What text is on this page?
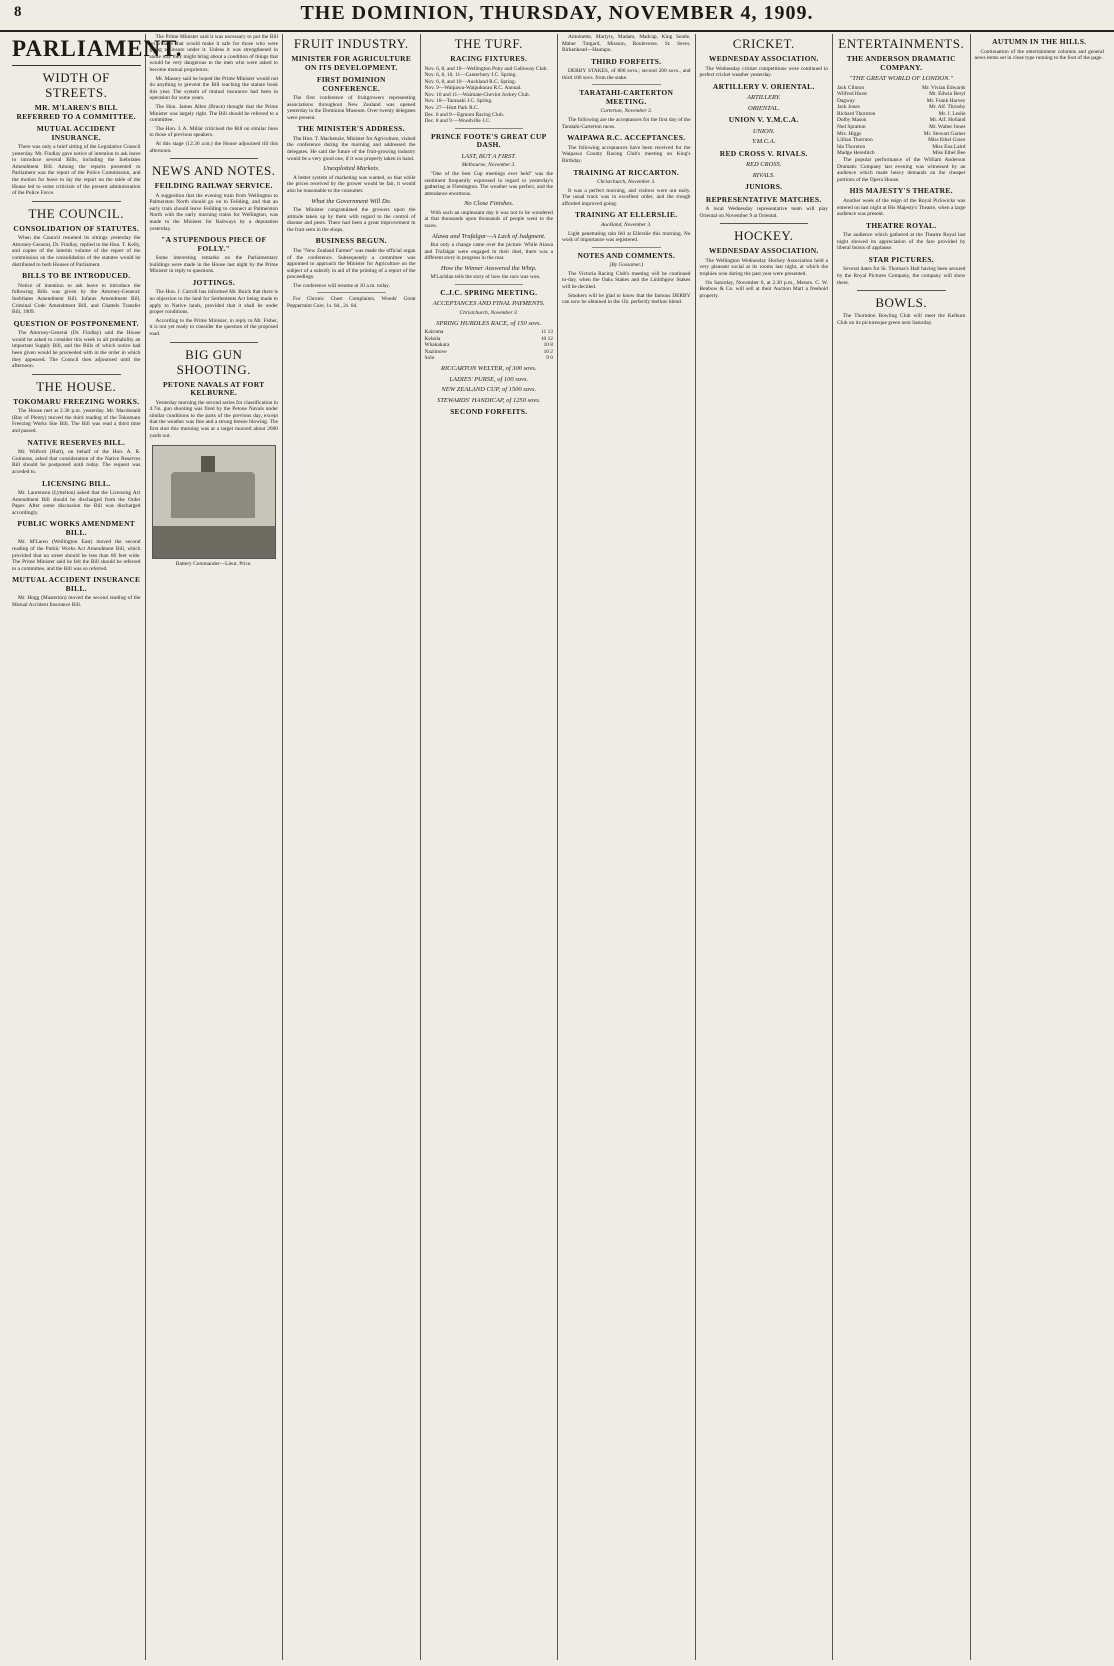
8	THE DOMINION, THURSDAY, NOVEMBER 4, 1909.
PARLIAMENT.
WIDTH OF STREETS.
MR. M'LAREN'S BILL REFERRED TO A COMMITTEE.
MUTUAL ACCIDENT INSURANCE.

There was only a brief sitting of the Legislative Council yesterday. Mr. Findlay gave notice of intention to ask leave to introduce several Bills, including the Inebriates Amendment Bill. Among the reports presented to Parliament was the report of the Police Commission, and the motion for leave to lay the report on the table of the House led to some criticism of the present administration of the Police Force.

THE COUNCIL.
CONSOLIDATION OF STATUTES.

When the Council resumed its sittings yesterday the Attorney-General, Dr. Findlay, replied to the Hon. T. Kelly, and copies of the interim volume of the report of the commission on the consolidation of the statutes would be distributed to both Houses of Parliament.

BILLS TO BE INTRODUCED.

Notice of intention to ask leave to introduce the following Bills was given by the Attorney-General: Inebriates Amendment Bill, Infants Amendment Bill, Criminal Code Amendment Bill, and Chattels Transfer Bill, 1909.

QUESTION OF POSTPONEMENT.

The Attorney-General (Dr. Findlay) said the House would be asked to consider this week in all probability an important Supply Bill, and the Bills of which notice had been given would be proceeded with in the order in which they appeared. The Council then adjourned until the afternoon.

THE HOUSE.
TOKOMARU FREEZING WORKS.

The House met at 2.30 p.m. yesterday. Mr. Macdonald (Bay of Plenty) moved the third reading of the Tokomaru Freezing Works Site Bill. The Bill was read a third time and passed.

NATIVE RESERVES BILL.

Mr. Wilford (Hutt), on behalf of the Hon. A. R. Guinness, asked that consideration of the Native Reserves Bill should be postponed until today. The request was acceded to.

LICENSING BILL.

Mr. Laurenson (Lyttelton) asked that the Licensing Act Amendment Bill should be discharged from the Order Paper. After some discussion the Bill was discharged accordingly.

PUBLIC WORKS AMENDMENT BILL.

Mr. M'Laren (Wellington East) moved the second reading of the Public Works Act Amendment Bill, which provided that no street should be less than 66 feet wide. The Prime Minister said he felt the Bill should be referred to a committee, and the Bill was so referred.

MUTUAL ACCIDENT INSURANCE BILL.

Mr. Hogg (Masterton) moved the second reading of the Mutual Accident Insurance Bill.

The Prime Minister said it was necessary to put the Bill on a basis that would make it safe for those who were going to insure under it. Unless it was strengthened in some way they might bring about a condition of things that would be very dangerous to the men who were asked to become mutual proprietors.

Mr. Massey said he hoped the Prime Minister would not do anything to prevent the Bill reaching the statute book this year. The system of mutual insurance had been in operation for some years.

The Hon. James Allen (Bruce) thought that the Prime Minister was largely right. The Bill should be referred to a committee.

The Hon. J. A. Millar criticised the Bill on similar lines to those of previous speakers.

At this stage (12.30 a.m.) the House adjourned till this afternoon.

NEWS AND NOTES.
FEILDING RAILWAY SERVICE.

A suggestion that the evening train from Wellington to Palmerston North should go on to Feilding, and that an early train should leave Feilding to connect at Palmerston North with the early morning trains for Wellington, was made to the Minister for Railways by a deputation yesterday.

"A STUPENDOUS PIECE OF FOLLY."

Some interesting remarks on the Parliamentary buildings were made in the House last night by the Prime Minister in reply to questions.

JOTTINGS.

The Hon. J. Carroll has informed Mr. Buick that there is no objection to the land for Settlements Act being made to apply to Native lands, provided that it shall be under proper conditions.

According to the Prime Minister, in reply to Mr. Fisher, it is not yet ready to consider the question of the proposed road.

BIG GUN SHOOTING.
PETONE NAVALS AT FORT KELBURNE.

Yesterday morning the second series for classification in 4.7in. gun shooting was fired by the Petone Navals under similar conditions to the parts of the previous day, except that the weather was fine and a strong breeze blowing. The first shot this morning was at a target moored about 2000 yards out.

Battery Commander—Lieut. Price.
FRUIT INDUSTRY.
MINISTER FOR AGRICULTURE ON ITS DEVELOPMENT.
FIRST DOMINION CONFERENCE.

The first conference of fruitgrowers representing associations throughout New Zealand was opened yesterday in the Dominion Museum. Over twenty delegates were present.

THE MINISTER'S ADDRESS.

The Hon. T. Mackenzie, Minister for Agriculture, visited the conference during the morning and addressed the delegates. He said the future of the fruit-growing industry would be a very good one, if it was properly taken in hand.

Unexploited Markets.

A better system of marketing was wanted, so that while the prices received by the grower would be fair, it would also be reasonable to the consumer.

What the Government Will Do.

The Minister congratulated the growers upon the attitude taken up by them with regard to the control of disease and pests. There had been a great improvement in the fruit seen in the shops.

BUSINESS BEGUN.

The "New Zealand Farmer" was made the official organ of the conference. Subsequently a committee was appointed to approach the Minister for Agriculture on the subject of a subsidy in aid of the printing of a report of the proceedings.

The conference will resume at 10 a.m. today.

For Chronic Chest Complaints, Woods' Great Peppermint Cure, 1s. 6d., 2s. 6d.

THE TURF.
RACING FIXTURES.
Nov. 6, 8, and 10—Wellington Pony and Galloway Club.
Nov. 6, 8, 10, 11—Canterbury J.C. Spring.
Nov. 6, 8, and 10—Auckland R.C. Spring.
Nov. 9—Waipawa-Waipukurau R.C. Annual.
Nov. 10 and 11—Waimate-Cheviot Jockey Club.
Nov. 18—Taranaki J.C. Spring.
Nov. 27—Hutt Park R.C.
Dec. 8 and 9—Egmont Racing Club.
Dec. 8 and 9.—Woodville J.C.
PRINCE FOOTE'S GREAT CUP DASH.
LAST, BUT A FIRST.
Melbourne, November 3.

"One of the best Cup meetings ever held" was the sentiment frequently expressed in regard to yesterday's gathering at Flemington. The weather was perfect, and the attendance enormous.

No Close Finishes.

With such an unpleasant day it was not to be wondered at that thousands upon thousands of people went to the races.

Alawa and Trafalgar—A Lack of Judgment.

But only a change came over the picture. While Alawa and Trafalgar were engaged in their duel, there was a different story in progress in the rear.

How the Winner Answered the Whip.

M'Lachlan tells the story of how the race was won.

C.J.C. SPRING MEETING.
ACCEPTANCES AND FINAL PAYMENTS.
Christchurch, November 3.
SPRING HURDLES RACE, of 150 sovs.
Kairoma	11 13
Kelaria	10 12
Whakakura	10 8
Nazimove	10 2
Solo	9 0
RICCARTON WELTER, of 300 sovs.
LADIES' PURSE, of 100 sovs.
NEW ZEALAND CUP, of 1500 sovs.
STEWARDS' HANDICAP, of 1250 sovs.
SECOND FORFEITS.

Antoinette, Martyrs, Madam, Madcap, King Seatle, Maher Tutgard, Mission, Bouleverse, St. Sever, Birkenhead—Hautapu.

THIRD FORFEITS.

DERBY STAKES, of 800 sovs.; second 200 sovs., and third 100 sovs. from the stake.

TARATAHI-CARTERTON MEETING.
Carterton, November 3.

The following are the acceptances for the first day of the Taratahi-Carterton races.

WAIPAWA R.C. ACCEPTANCES.

The following acceptances have been received for the Waipawa County Racing Club's meeting on King's Birthday.

TRAINING AT RICCARTON.
Christchurch, November 3.

It was a perfect morning, and visitors were out early. The usual track was in excellent order, and the trough afforded improved going.

TRAINING AT ELLERSLIE.
Auckland, November 3.

Light penetrating rain fell at Ellerslie this morning. No work of importance was registered.

NOTES AND COMMENTS.
[By Gossamer.]

The Victoria Racing Club's meeting will be continued to-day, when the Oaks Stakes and the Linlithgow Stakes will be decided.

Smokers will be glad to know that the famous DERBY can now be obtained in the 1lb. perfectly mellow blend.

CRICKET.
WEDNESDAY ASSOCIATION.

The Wednesday cricket competitions were continued in perfect cricket weather yesterday.

ARTILLERY V. ORIENTAL.
ARTILLERY.
ORIENTAL.
UNION V. Y.M.C.A.
UNION.
Y.M.C.A.
RED CROSS V. RIVALS.
RED CROSS.
RIVALS.
JUNIORS.
REPRESENTATIVE MATCHES.

A local Wednesday representative team will play Oriental on November 9 at Oriental.

HOCKEY.
WEDNESDAY ASSOCIATION.

The Wellington Wednesday Hockey Association held a very pleasant social at its rooms last night, at which the trophies won during the past year were presented.

On Saturday, November 6, at 2.30 p.m., Messrs. C. W. Benbow & Co. will sell at their Auction Mart a freehold property.

ENTERTAINMENTS.
THE ANDERSON DRAMATIC COMPANY.
"THE GREAT WORLD OF LONDON."
Jack Clinton	Mr. Vivian Edwards
Wilfred Hurst	Mr. Edwin Beryl
Dagway	Mr. Frank Harvey
Jack Jones	Mr. Alf. Throsby
Richard Thornton	Mr. J. Leslie
Dolby Mason	Mr. Alf. Holland
Ned Spratton	Mr. Walter Jones
Mrs. Higgs	Mr. Stewart Garner
Lillian Thornton	Miss Ethel Grace
Ida Thornton	Miss Ena Laird
Madge Hereditch	Miss Ethel Bee

The popular performance of the William Anderson Dramatic Company last evening was witnessed by an audience which made heavy demands on the cheaper portions of the Opera House.

HIS MAJESTY'S THEATRE.

Another week of the reign of the Royal Pickwicks was entered on last night at His Majesty's Theatre, when a large audience was present.

THEATRE ROYAL.

The audience which gathered at the Theatre Royal last night showed its appreciation of the fare provided by liberal bursts of applause.

STAR PICTURES.

Several dates for St. Thomas's Hall having been secured by the Royal Pictures Company, the company will show there.

BOWLS.

The Thorndon Bowling Club will meet the Kelburn Club on its picturesque green next Saturday.

AUTUMN IN THE HILLS.

Continuation of the entertainment columns and general news items set in close type running to the foot of the page.
